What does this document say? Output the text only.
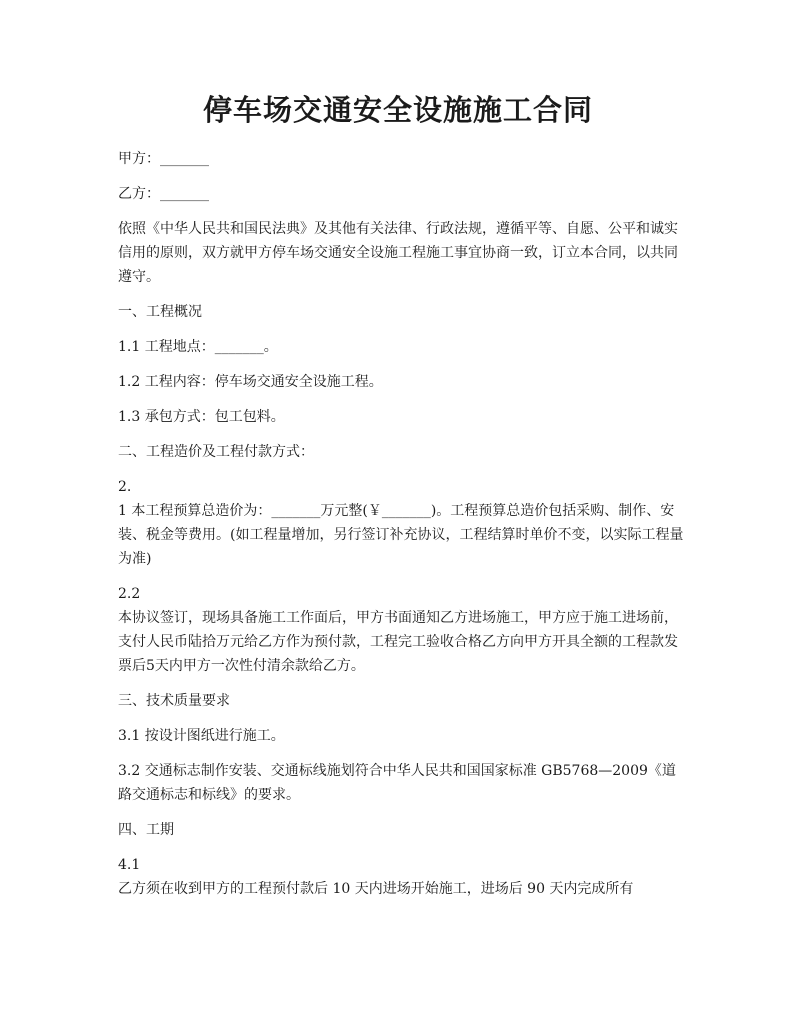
停车场交通安全设施施工合同

甲方：_______

乙方：_______

依照《中华人民共和国民法典》及其他有关法律、行政法规，遵循平等、自愿、公平和诚实信用的原则，双方就甲方停车场交通安全设施工程施工事宜协商一致，订立本合同，以共同遵守。

一、工程概况

1.1 工程地点：_______。

1.2 工程内容：停车场交通安全设施工程。

1.3 承包方式：包工包料。

二、工程造价及工程付款方式：

2.

1 本工程预算总造价为：_______万元整(￥_______)。工程预算总造价包括采购、制作、安装、税金等费用。(如工程量增加，另行签订补充协议，工程结算时单价不变，以实际工程量为准)

2.2

本协议签订，现场具备施工工作面后，甲方书面通知乙方进场施工，甲方应于施工进场前，支付人民币陆拾万元给乙方作为预付款，工程完工验收合格乙方向甲方开具全额的工程款发票后5天内甲方一次性付清余款给乙方。

三、技术质量要求

3.1 按设计图纸进行施工。

3.2 交通标志制作安装、交通标线施划符合中华人民共和国国家标准 GB5768—2009《道路交通标志和标线》的要求。

四、工期

4.1

乙方须在收到甲方的工程预付款后 10 天内进场开始施工，进场后 90 天内完成所有
